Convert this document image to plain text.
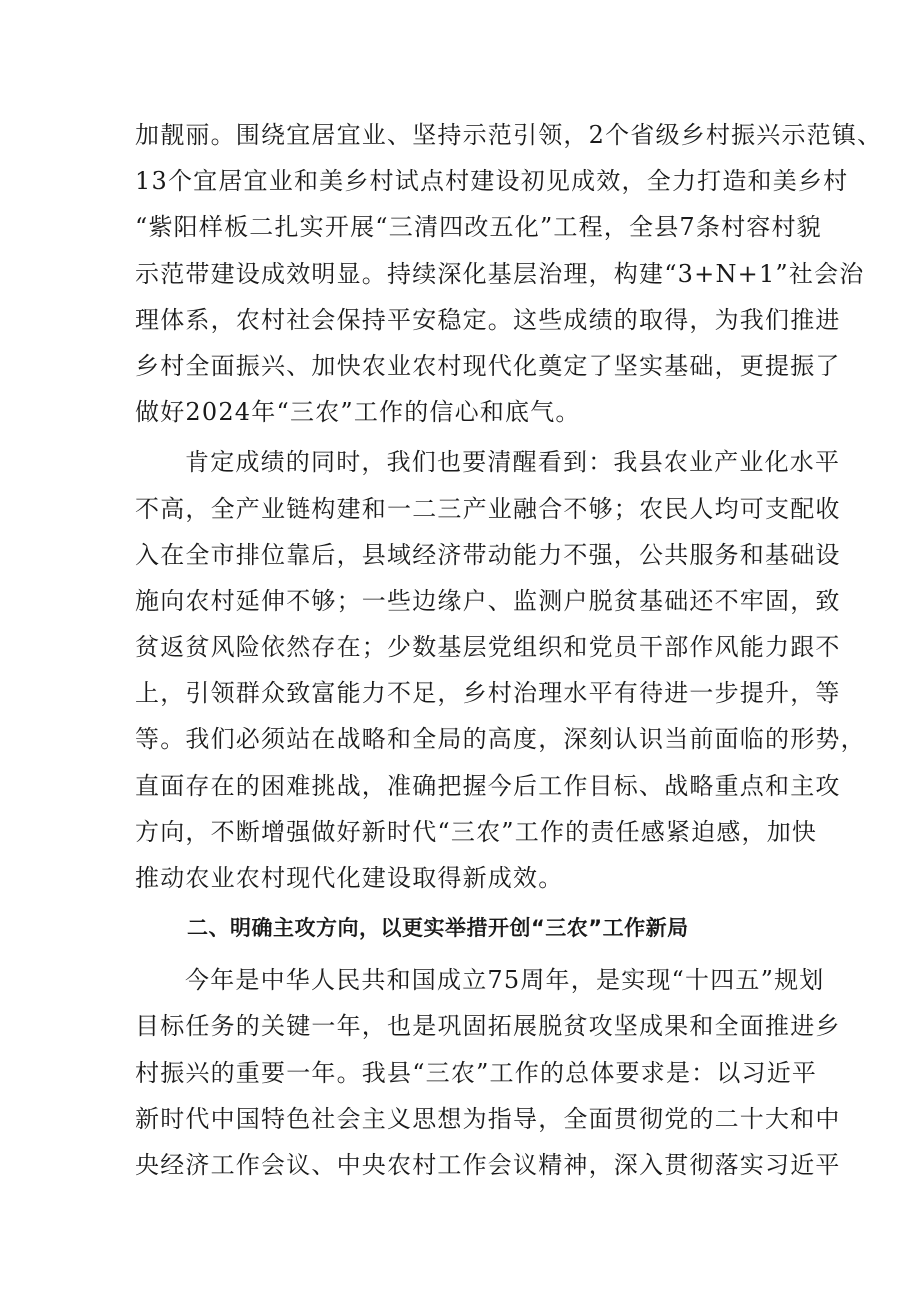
加靓丽。围绕宜居宜业、坚持示范引领，2个省级乡村振兴示范镇、
13个宜居宜业和美乡村试点村建设初见成效，全力打造和美乡村
“紫阳样板二扎实开展“三清四改五化”工程，全县7条村容村貌
示范带建设成效明显。持续深化基层治理，构建“3+N+1”社会治
理体系，农村社会保持平安稳定。这些成绩的取得，为我们推进
乡村全面振兴、加快农业农村现代化奠定了坚实基础，更提振了
做好2024年“三农”工作的信心和底气。
肯定成绩的同时，我们也要清醒看到：我县农业产业化水平
不高，全产业链构建和一二三产业融合不够；农民人均可支配收
入在全市排位靠后，县域经济带动能力不强，公共服务和基础设
施向农村延伸不够；一些边缘户、监测户脱贫基础还不牢固，致
贫返贫风险依然存在；少数基层党组织和党员干部作风能力跟不
上，引领群众致富能力不足，乡村治理水平有待进一步提升，等
等。我们必须站在战略和全局的高度，深刻认识当前面临的形势，
直面存在的困难挑战，准确把握今后工作目标、战略重点和主攻
方向，不断增强做好新时代“三农”工作的责任感紧迫感，加快
推动农业农村现代化建设取得新成效。
二、明确主攻方向，以更实举措开创“三农”工作新局
今年是中华人民共和国成立75周年，是实现“十四五”规划
目标任务的关键一年，也是巩固拓展脱贫攻坚成果和全面推进乡
村振兴的重要一年。我县“三农”工作的总体要求是：以习近平
新时代中国特色社会主义思想为指导，全面贯彻党的二十大和中
央经济工作会议、中央农村工作会议精神，深入贯彻落实习近平
